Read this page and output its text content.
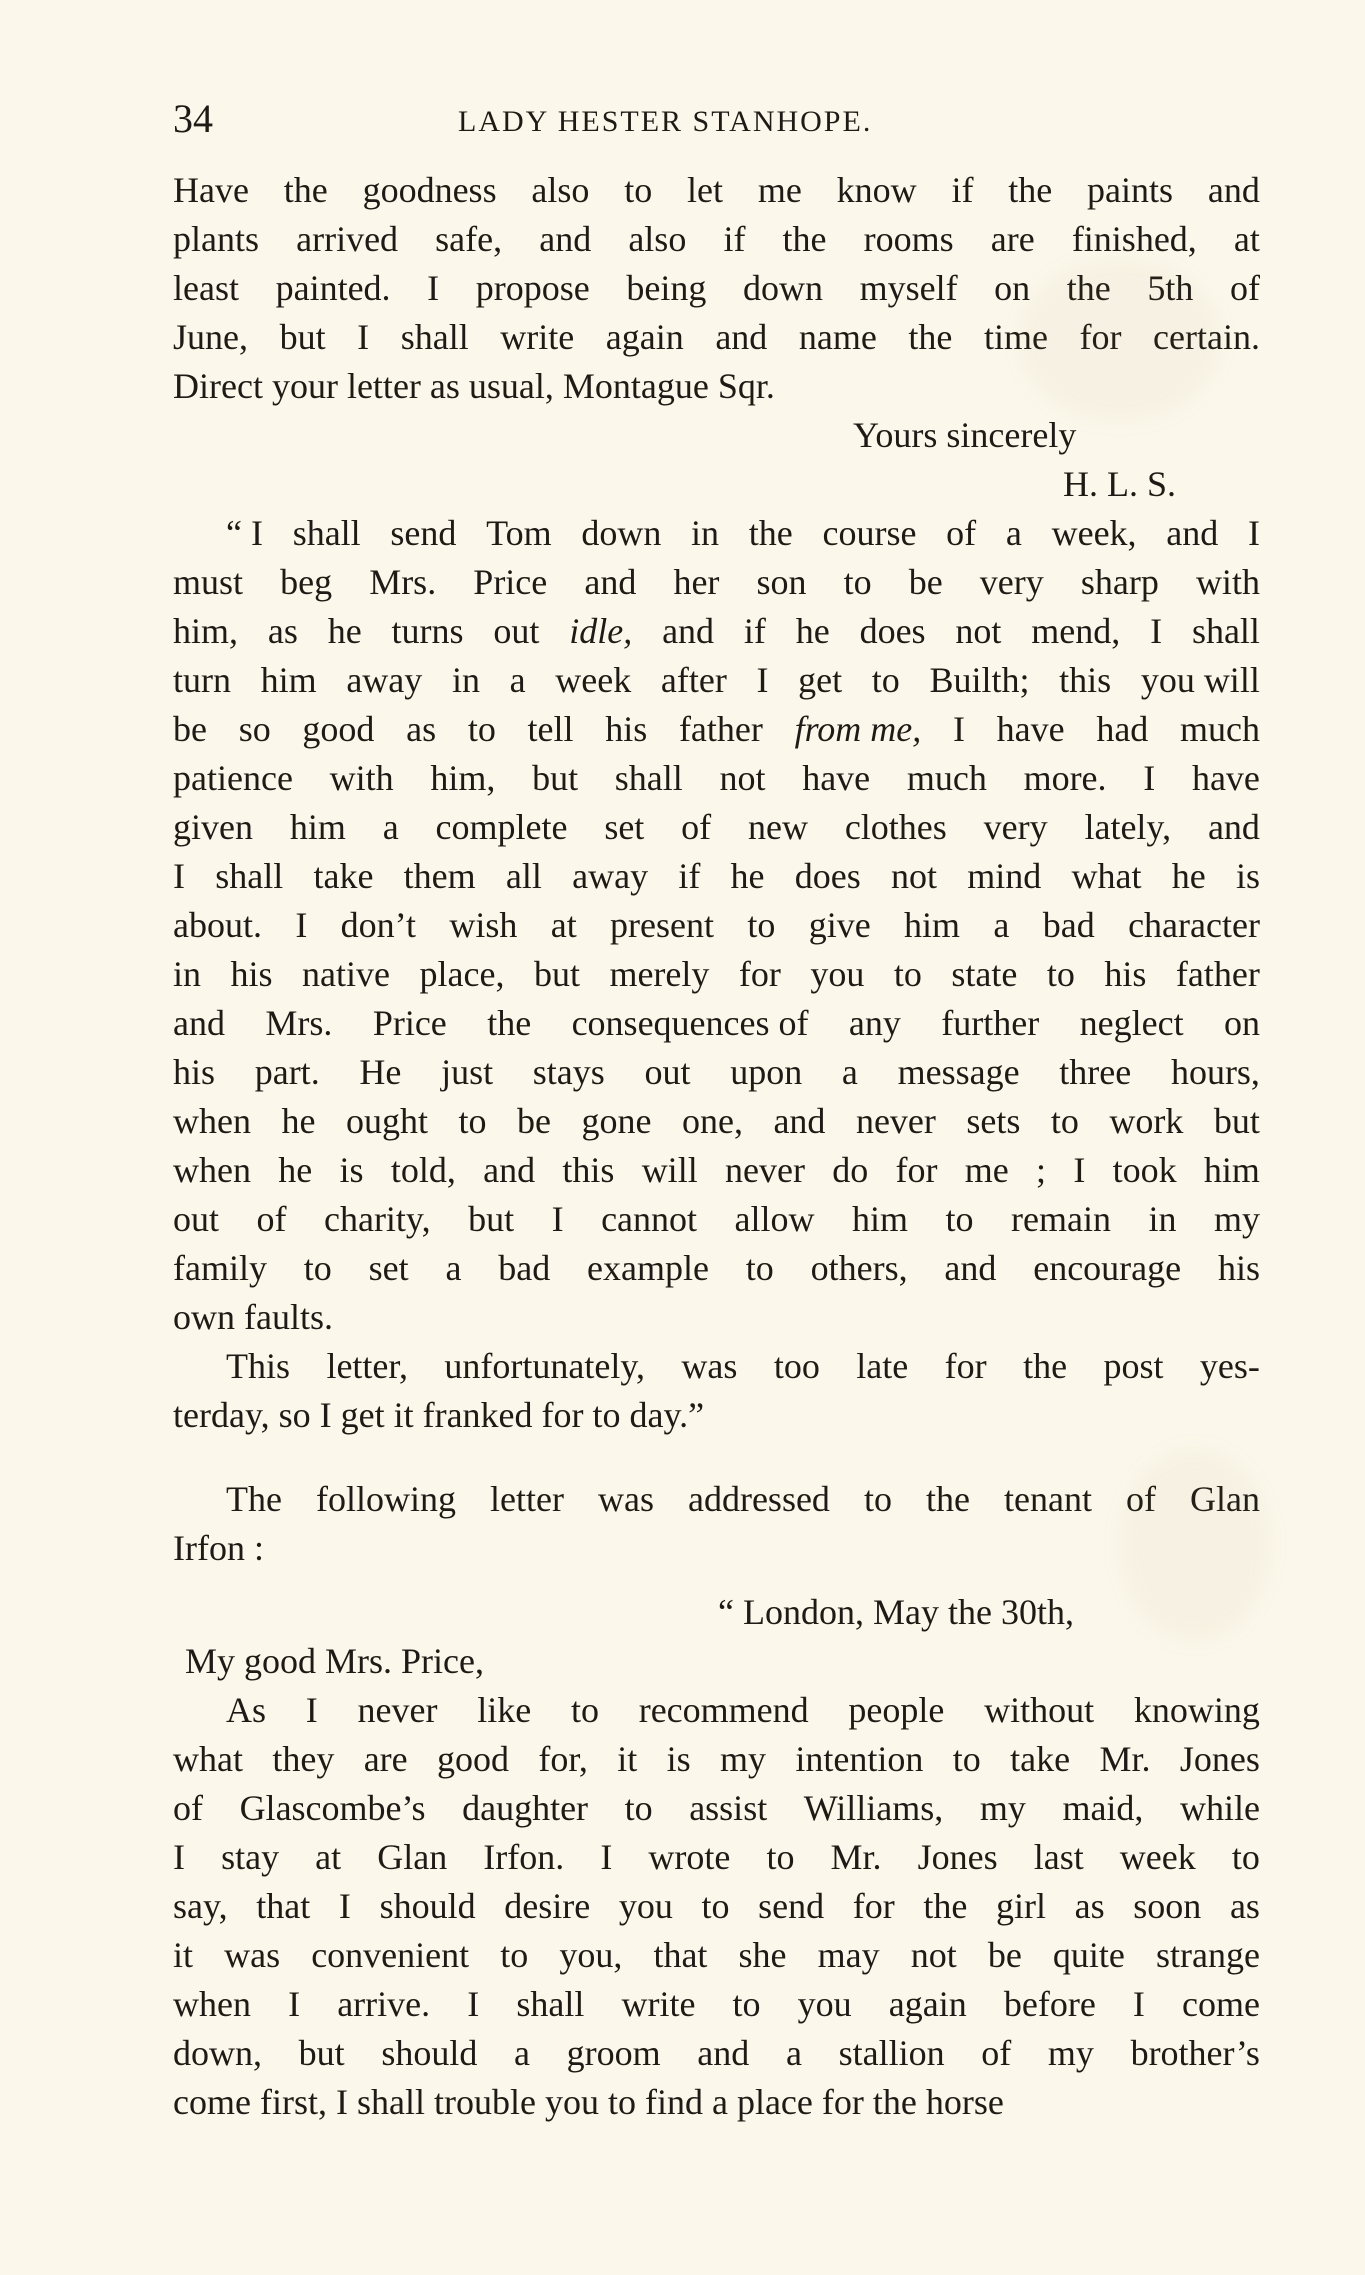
34	LADY HESTER STANHOPE.
Have the goodness also to let me know if the paints and
plants arrived safe, and also if the rooms are finished, at
least painted. I propose being down myself on the 5th of
June, but I shall write again and name the time for certain.
Direct your letter as usual, Montague Sqr.
Yours sincerely
H. L. S.
“ I shall send Tom down in the course of a week, and I
must beg Mrs. Price and her son to be very sharp with
him, as he turns out idle, and if he does not mend, I shall
turn him away in a week after I get to Builth; this you will
be so good as to tell his father from me, I have had much
patience with him, but shall not have much more. I have
given him a complete set of new clothes very lately, and
I shall take them all away if he does not mind what he is
about. I don’t wish at present to give him a bad character
in his native place, but merely for you to state to his father
and Mrs. Price the consequences of any further neglect on
his part. He just stays out upon a message three hours,
when he ought to be gone one, and never sets to work but
when he is told, and this will never do for me ; I took him
out of charity, but I cannot allow him to remain in my
family to set a bad example to others, and encourage his
own faults.
This letter, unfortunately, was too late for the post yes-
terday, so I get it franked for to day.”
The following letter was addressed to the tenant of Glan
Irfon :
“ London, May the 30th,
My good Mrs. Price,
As I never like to recommend people without knowing
what they are good for, it is my intention to take Mr. Jones
of Glascombe’s daughter to assist Williams, my maid, while
I stay at Glan Irfon. I wrote to Mr. Jones last week to
say, that I should desire you to send for the girl as soon as
it was convenient to you, that she may not be quite strange
when I arrive. I shall write to you again before I come
down, but should a groom and a stallion of my brother’s
come first, I shall trouble you to find a place for the horse
